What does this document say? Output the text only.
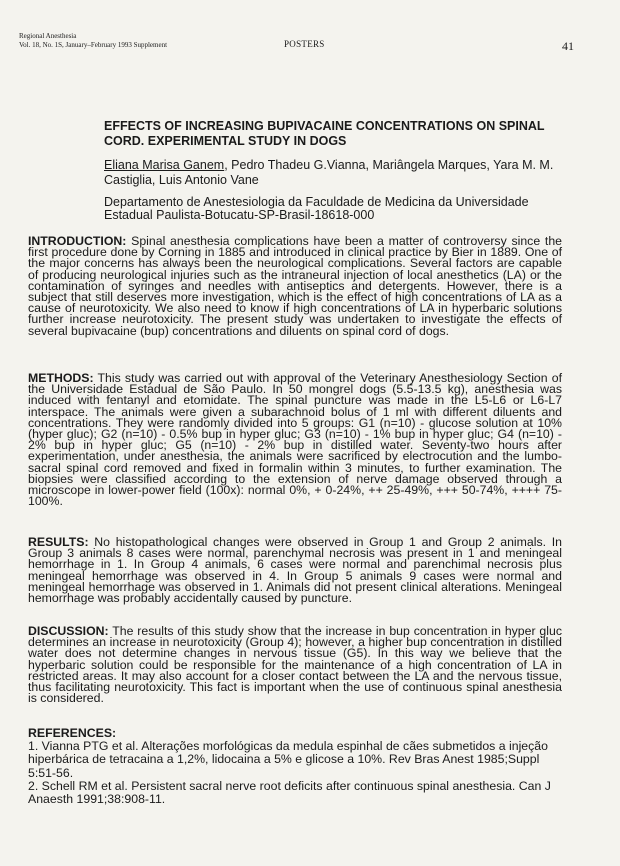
Regional Anesthesia
Vol. 18, No. 1S, January–February 1993 Supplement	POSTERS	41
EFFECTS OF INCREASING BUPIVACAINE CONCENTRATIONS ON SPINAL CORD. EXPERIMENTAL STUDY IN DOGS
Eliana Marisa Ganem, Pedro Thadeu G.Vianna, Mariângela Marques, Yara M. M. Castiglia, Luis Antonio Vane
Departamento de Anestesiologia da Faculdade de Medicina da Universidade Estadual Paulista-Botucatu-SP-Brasil-18618-000
INTRODUCTION: Spinal anesthesia complications have been a matter of controversy since the first procedure done by Corning in 1885 and introduced in clinical practice by Bier in 1889. One of the major concerns has always been the neurological complications. Several factors are capable of producing neurological injuries such as the intraneural injection of local anesthetics (LA) or the contamination of syringes and needles with antiseptics and detergents. However, there is a subject that still deserves more investigation, which is the effect of high concentrations of LA as a cause of neurotoxicity. We also need to know if high concentrations of LA in hyperbaric solutions further increase neurotoxicity. The present study was undertaken to investigate the effects of several bupivacaine (bup) concentrations and diluents on spinal cord of dogs.
METHODS: This study was carried out with approval of the Veterinary Anesthesiology Section of the Universidade Estadual de São Paulo. In 50 mongrel dogs (5.5-13.5 kg), anesthesia was induced with fentanyl and etomidate. The spinal puncture was made in the L5-L6 or L6-L7 interspace. The animals were given a subarachnoid bolus of 1 ml with different diluents and concentrations. They were randomly divided into 5 groups: G1 (n=10) - glucose solution at 10% (hyper gluc); G2 (n=10) - 0.5% bup in hyper gluc; G3 (n=10) - 1% bup in hyper gluc; G4 (n=10) - 2% bup in hyper gluc; G5 (n=10) - 2% bup in distilled water. Seventy-two hours after experimentation, under anesthesia, the animals were sacrificed by electrocution and the lumbo-sacral spinal cord removed and fixed in formalin within 3 minutes, to further examination. The biopsies were classified according to the extension of nerve damage observed through a microscope in lower-power field (100x): normal 0%, + 0-24%, ++ 25-49%, +++ 50-74%, ++++ 75-100%.
RESULTS: No histopathological changes were observed in Group 1 and Group 2 animals. In Group 3 animals 8 cases were normal, parenchymal necrosis was present in 1 and meningeal hemorrhage in 1. In Group 4 animals, 6 cases were normal and parenchimal necrosis plus meningeal hemorrhage was observed in 4. In Group 5 animals 9 cases were normal and meningeal hemorrhage was observed in 1. Animals did not present clinical alterations. Meningeal hemorrhage was probably accidentally caused by puncture.
DISCUSSION: The results of this study show that the increase in bup concentration in hyper gluc determines an increase in neurotoxicity (Group 4); however, a higher bup concentration in distilled water does not determine changes in nervous tissue (G5). In this way we believe that the hyperbaric solution could be responsible for the maintenance of a high concentration of LA in restricted areas. It may also account for a closer contact between the LA and the nervous tissue, thus facilitating neurotoxicity. This fact is important when the use of continuous spinal anesthesia is considered.
REFERENCES:
1. Vianna PTG et al. Alterações morfológicas da medula espinhal de cães submetidos a injeção hiperbárica de tetracaina a 1,2%, lidocaina a 5% e glicose a 10%. Rev Bras Anest 1985;Suppl 5:51-56.
2. Schell RM et al. Persistent sacral nerve root deficits after continuous spinal anesthesia. Can J Anaesth 1991;38:908-11.
